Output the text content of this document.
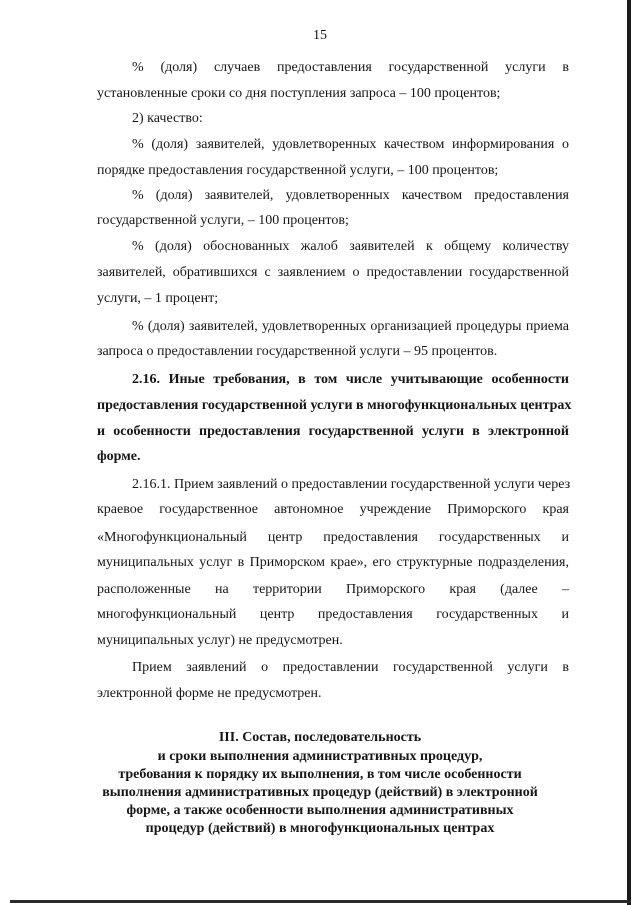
15
% (доля) случаев предоставления государственной услуги в
установленные сроки со дня поступления запроса – 100 процентов;
2) качество:
% (доля) заявителей, удовлетворенных качеством информирования о
порядке предоставления государственной услуги, – 100 процентов;
% (доля) заявителей, удовлетворенных качеством предоставления
государственной услуги, – 100 процентов;
% (доля) обоснованных жалоб заявителей к общему количеству
заявителей, обратившихся с заявлением о предоставлении государственной
услуги, – 1 процент;
% (доля) заявителей, удовлетворенных организацией процедуры приема
запроса о предоставлении государственной услуги – 95 процентов.
2.16. Иные требования, в том числе учитывающие особенности
предоставления государственной услуги в многофункциональных центрах
и особенности предоставления государственной услуги в электронной
форме.
2.16.1. Прием заявлений о предоставлении государственной услуги через
краевое государственное автономное учреждение Приморского края
«Многофункциональный центр предоставления государственных и
муниципальных услуг в Приморском крае», его структурные подразделения,
расположенные на территории Приморского края (далее –
многофункциональный центр предоставления государственных и
муниципальных услуг) не предусмотрен.
Прием заявлений о предоставлении государственной услуги в
электронной форме не предусмотрен.
III. Состав, последовательность
и сроки выполнения административных процедур,
требования к порядку их выполнения, в том числе особенности
выполнения административных процедур (действий) в электронной
форме, а также особенности выполнения административных
процедур (действий) в многофункциональных центрах
